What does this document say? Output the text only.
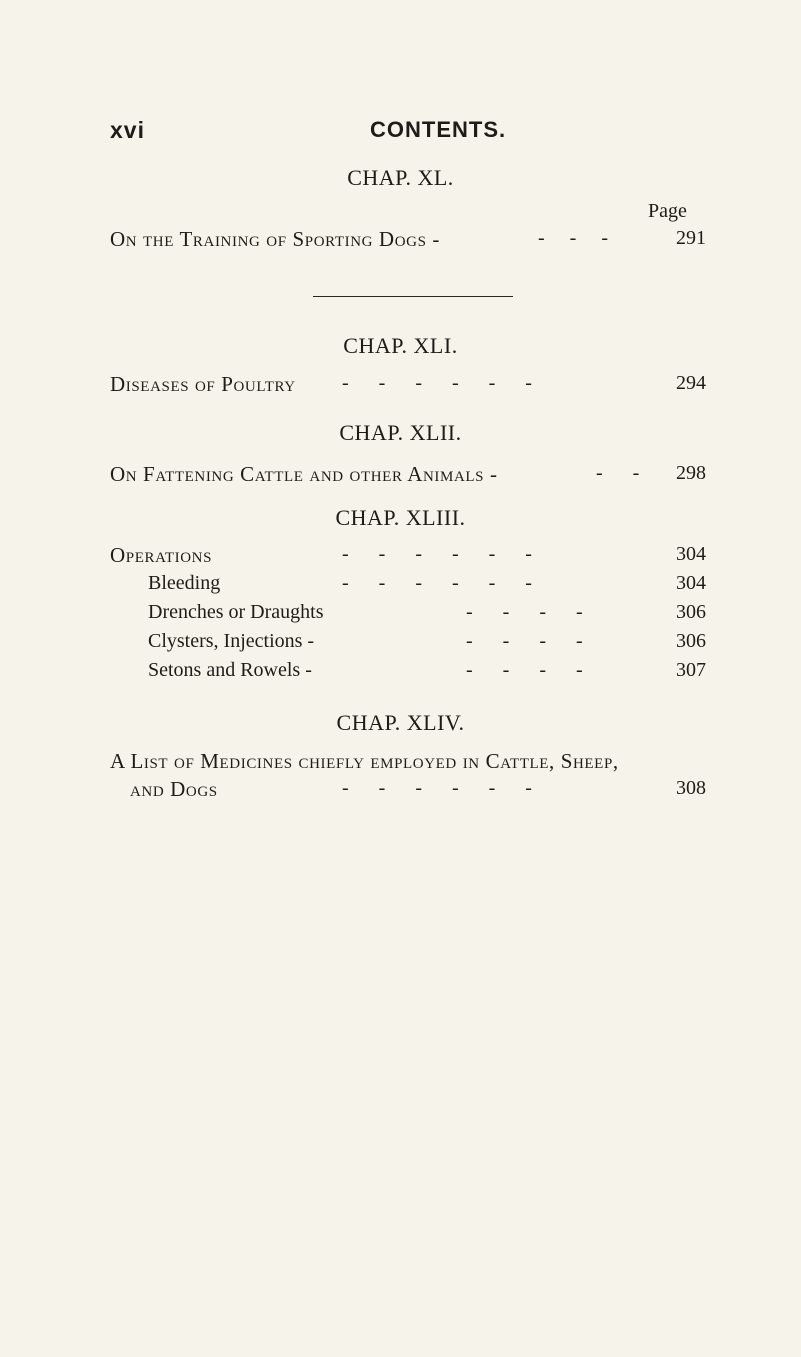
xvi	CONTENTS.
CHAP. XL.
Page
On the Training of Sporting Dogs -	-     -     -	291
CHAP. XLI.
Diseases of Poultry -      -      -      -      -      -	294
CHAP. XLII.
On Fattening Cattle and other Animals -	-      - 298
CHAP. XLIII.
Operations	-      -      -      -      -      -	304
Bleeding	-      -      -      -      -      -	304
Drenches or Draughts	-      -      -      -	306
Clysters, Injections -	-      -      -      -	306
Setons and Rowels -	-      -      -      -	307
CHAP. XLIV.
A List of Medicines chiefly employed in Cattle, Sheep,
and Dogs	-      -      -      -      -      -	308
